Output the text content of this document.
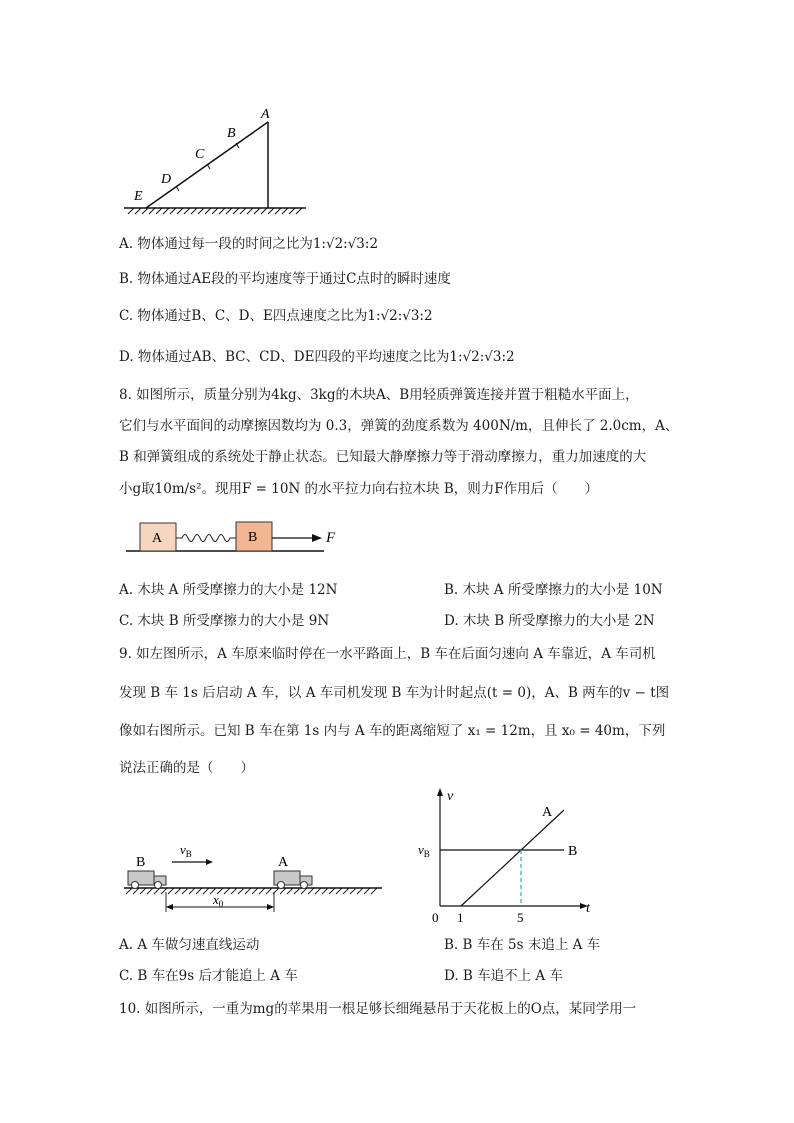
A
B
C
D
E
A. 物体通过每一段的时间之比为1:√2:√3:2
B. 物体通过AE段的平均速度等于通过C点时的瞬时速度
C. 物体通过B、C、D、E四点速度之比为1:√2:√3:2
D. 物体通过AB、BC、CD、DE四段的平均速度之比为1:√2:√3:2
8. 如图所示，质量分别为4kg、3kg的木块A、B用轻质弹簧连接并置于粗糙水平面上，
它们与水平面间的动摩擦因数均为 0.3，弹簧的劲度系数为 400N/m，且伸长了 2.0cm，A、
B 和弹簧组成的系统处于静止状态。已知最大静摩擦力等于滑动摩擦力，重力加速度的大
小g取10m/s²。现用F = 10N 的水平拉力向右拉木块 B，则力F作用后（　　）
A	B	F
A. 木块 A 所受摩擦力的大小是 12N	B. 木块 A 所受摩擦力的大小是 10N
C. 木块 B 所受摩擦力的大小是 9N	D. 木块 B 所受摩擦力的大小是 2N
9. 如左图所示，A 车原来临时停在一水平路面上，B 车在后面匀速向 A 车靠近，A 车司机
发现 B 车 1s 后启动 A 车，以 A 车司机发现 B 车为计时起点(t = 0)，A、B 两车的v − t图
像如右图所示。已知 B 车在第 1s 内与 A 车的距离缩短了 x₁ = 12m，且 x₀ = 40m，下列
说法正确的是（　　）
B	A
$v_B$
$x_0$
v
t
$v_B$
0 1	5
A
B
A. A 车做匀速直线运动	B. B 车在 5s 末追上 A 车
C. B 车在9s 后才能追上 A 车	D. B 车追不上 A 车
10. 如图所示，一重为mg的苹果用一根足够长细绳悬吊于天花板上的O点，某同学用一
